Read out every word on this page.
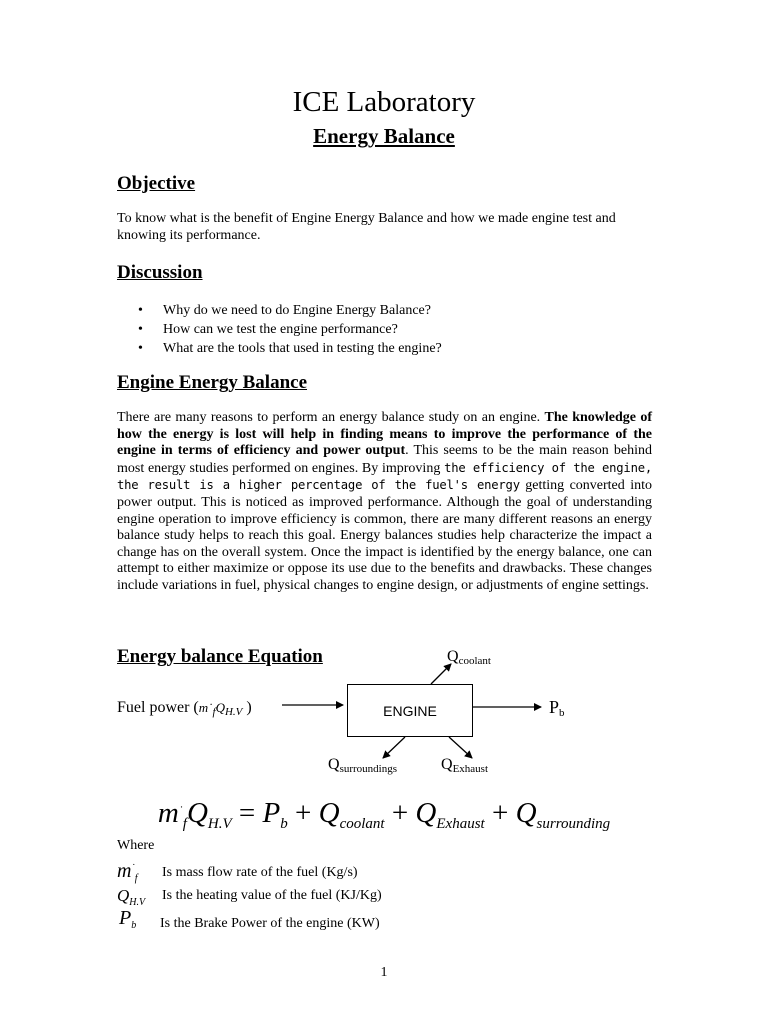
ICE Laboratory
Energy Balance
Objective
To know what is the benefit of Engine Energy Balance and how we made engine test and knowing its performance.
Discussion
• Why do we need to do Engine Energy Balance?
• How can we test the engine performance?
• What are the tools that used in testing the engine?
Engine Energy Balance
There are many reasons to perform an energy balance study on an engine. The knowledge of how the energy is lost will help in finding means to improve the performance of the engine in terms of efficiency and power output. This seems to be the main reason behind most energy studies performed on engines. By improving the efficiency of the engine, the result is a higher percentage of the fuel's energy getting converted into power output. This is noticed as improved performance. Although the goal of understanding engine operation to improve efficiency is common, there are many different reasons an energy balance study helps to reach this goal. Energy balances studies help characterize the impact a change has on the overall system. Once the impact is identified by the energy balance, one can attempt to either maximize or oppose its use due to the benefits and drawbacks. These changes include variations in fuel, physical changes to engine design, or adjustments of engine settings.
Energy balance Equation
ENGINE
Fuel power ($m˙_fQ_{H.V}$ )	$P_b$
$Q_{coolant}$
$Q_{surroundings}$	$Q_{Exhaust}$
$m^˙_fQ_{H.V} = P_b + Q_{coolant} + Q_{Exhaust} + Q_{surrounding}$
Where
$m^˙_f$ Is mass flow rate of the fuel (Kg/s)
$Q_{H.V}$ Is the heating value of the fuel (KJ/Kg)
$P_b$ Is the Brake Power of the engine (KW)
1
